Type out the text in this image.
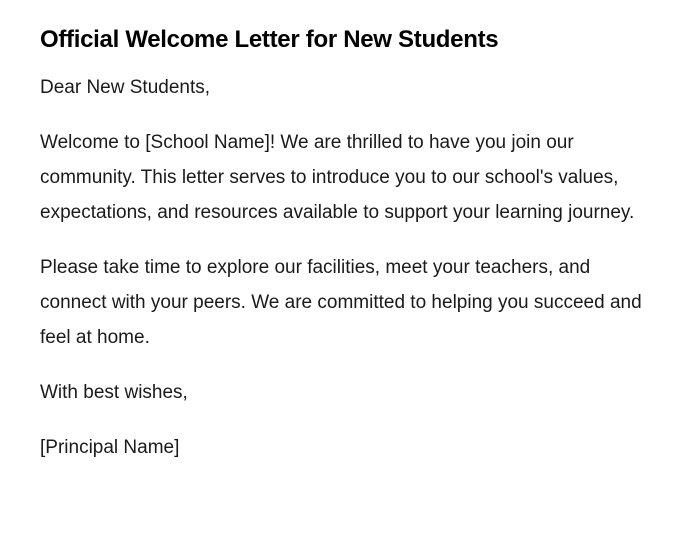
Official Welcome Letter for New Students

Dear New Students,

Welcome to [School Name]! We are thrilled to have you join our community. This letter serves to introduce you to our school's values, expectations, and resources available to support your learning journey.

Please take time to explore our facilities, meet your teachers, and connect with your peers. We are committed to helping you succeed and feel at home.

With best wishes,

[Principal Name]
